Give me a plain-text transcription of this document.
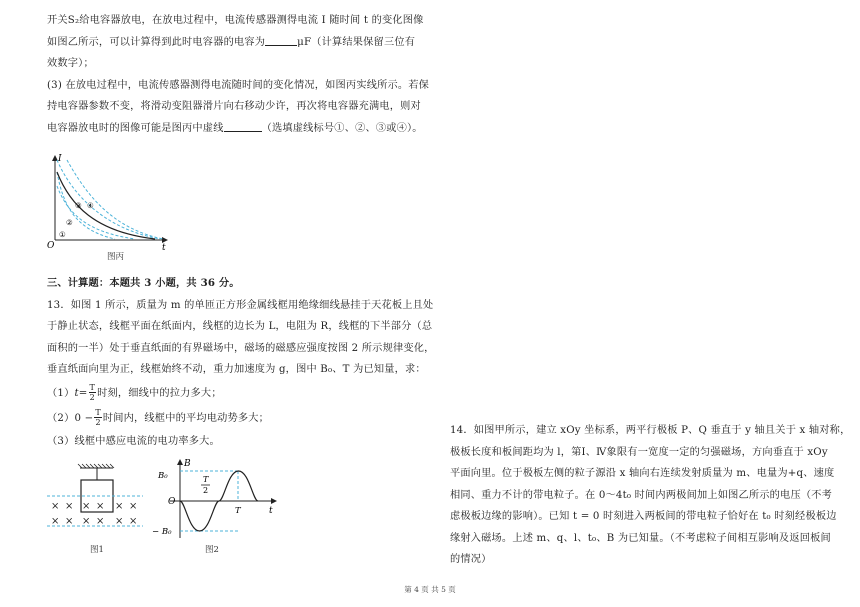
开关S₂给电容器放电，在放电过程中，电流传感器测得电流 I 随时间 t 的变化图像

如图乙所示，可以计算得到此时电容器的电容为	μF（计算结果保留三位有

效数字）；

(3) 在放电过程中，电流传感器测得电流随时间的变化情况，如图丙实线所示。若保

持电容器参数不变，将滑动变阻器滑片向右移动少许，再次将电容器充满电，则对

电容器放电时的图像可能是图丙中虚线	（选填虚线标号①、②、③或④）。

I
t
O
①
②
③ ④
图丙

三、计算题：本题共 3 小题，共 36 分。

13．如图 1 所示，质量为 m 的单匝正方形金属线框用绝缘细线悬挂于天花板上且处

于静止状态，线框平面在纸面内，线框的边长为 L，电阻为 R，线框的下半部分（总

面积的一半）处于垂直纸面的有界磁场中，磁场的磁感应强度按图 2 所示规律变化，

垂直纸面向里为正，线框始终不动，重力加速度为 g，图中 B₀、T 为已知量，求：

$(1)t= \frac{T}{2}$ 时刻，细线中的拉力多大；

$(2)0 - \frac{T}{2}$ 时间内，线框中的平均电动势多大；

（3）线框中感应电流的电功率多大。

× × × × × ×
× × × × × ×
图1
B
t
O
B₀
− B₀
T
2
T
图2

14．如图甲所示，建立 xOy 坐标系，两平行极板 P、Q 垂直于 y 轴且关于 x 轴对称，

极板长度和板间距均为 l，第Ⅰ、Ⅳ象限有一宽度一定的匀强磁场，方向垂直于 xOy

平面向里。位于极板左侧的粒子源沿 x 轴向右连续发射质量为 m、电量为+q、速度

相同、重力不计的带电粒子。在 0～4t₀ 时间内两极间加上如图乙所示的电压（不考

虑极板边缘的影响）。已知 t = 0 时刻进入两板间的带电粒子恰好在 t₀ 时刻经极板边

缘射入磁场。上述 m、q、l、t₀、B 为已知量。（不考虑粒子间相互影响及返回板间

的情况）

第 4 页 共 5 页
